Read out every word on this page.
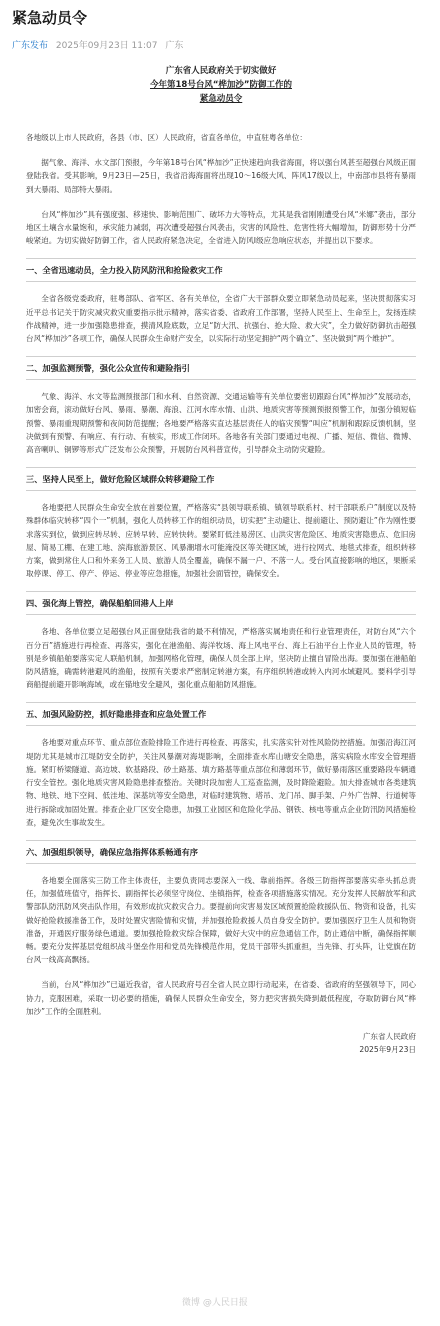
紧急动员令
广东发布 2025年09月23日 11:07 广东
广东省人民政府关于切实做好
今年第18号台风“桦加沙”防御工作的
紧急动员令

各地级以上市人民政府，各县（市、区）人民政府，省直各单位，中直驻粤各单位：

据气象、海洋、水文部门预报，今年第18号台风“桦加沙”正快速趋向我省海面，将以强台风甚至超强台风级正面登陆我省。受其影响，9月23日—25日，我省沿海海面将出现10～16级大风、阵风17级以上，中南部市县将有暴雨到大暴雨、局部特大暴雨。

台风“桦加沙”具有强度强、移速快、影响范围广、破坏力大等特点，尤其是我省刚刚遭受台风“米娜”袭击，部分地区土壤含水量饱和，承灾能力减弱，再次遭受超强台风袭击，灾害的风险性、危害性将大幅增加，防御形势十分严峻紧迫。为切实做好防御工作，省人民政府紧急决定，全省进入防风Ⅰ级应急响应状态，并提出以下要求。

一、全省迅速动员，全力投入防风防汛和抢险救灾工作

全省各级党委政府，驻粤部队、省军区、各有关单位，全省广大干部群众要立即紧急动员起来，坚决贯彻落实习近平总书记关于防灾减灾救灾重要指示批示精神，落实省委、省政府工作部署，坚持人民至上、生命至上，发扬连续作战精神，进一步加强隐患排查，摸清风险底数，立足“防大汛、抗强台、抢大险、救大灾”，全力做好防御抗击超强台风“桦加沙”各项工作，确保人民群众生命财产安全，以实际行动坚定拥护“两个确立”、坚决做到“两个维护”。

二、加强监测预警，强化公众宣传和避险指引

气象、海洋、水文等监测预报部门和水利、自然资源、交通运输等有关单位要密切跟踪台风“桦加沙”发展动态，加密会商，滚动做好台风、暴雨、暴潮、海浪、江河水库水情、山洪、地质灾害等预测预报预警工作，加强分镇短临预警、暴雨重现期预警和夜间防范提醒；各地要严格落实直达基层责任人的临灾预警“叫应”机制和跟踪反馈机制，坚决做到有预警、有响应、有行动、有核实，形成工作闭环。各地各有关部门要通过电视、广播、短信、微信、微博、高音喇叭、铜锣等形式广泛发布公众预警，开展防台风科普宣传，引导群众主动防灾避险。

三、坚持人民至上，做好危险区域群众转移避险工作

各地要把人民群众生命安全放在首要位置，严格落实“县领导联系镇、镇领导联系村、村干部联系户”制度以及特殊群体临灾转移“四个一”机制，强化人员转移工作的组织动员，切实把“主动避让、提前避让、预防避让”作为刚性要求落实到位，做到应转尽转、应转早转、应转快转。要紧盯低洼易涝区、山洪灾害危险区、地质灾害隐患点、危旧房屋、简易工棚、在建工地、滨海旅游景区、风暴潮增水可能淹没区等关键区域，进行拉网式、地毯式排查，组织转移方案，做到常住人口和外来务工人员、旅游人员全覆盖，确保不漏一户、不落一人。受台风直接影响的地区，果断采取停课、停工、停产、停运、停业等应急措施，加强社会面管控，确保安全。

四、强化海上管控，确保船舶回港人上岸

各地、各单位要立足超强台风正面登陆我省的最不利情况，严格落实属地责任和行业管理责任，对防台风“六个百分百”措施进行再检查、再落实，强化在港渔船、海洋牧场、海上风电平台、海上石油平台上作业人员的管理，特别是乡镇船舶要落实定人联船机制，加强网格化管理，确保人员全部上岸，坚决防止擅自冒险出海。要加强在港船舶防风措施，确需转港避风的渔船，按照有关要求严密制定转港方案，有序组织转港或转入内河水域避风。要科学引导商船提前避开影响海域，或在锚地安全避风，强化重点船舶防风措施。

五、加强风险防控，抓好隐患排查和应急处置工作

各地要对重点环节、重点部位查险排险工作进行再检查、再落实，扎实落实针对性风险防控措施。加强沿海江河堤防尤其是城市江堤防安全防护，关注风暴潮对海堤影响，全面排查水库山塘安全隐患，落实病险水库安全管理措施。紧盯桥梁隧道、高边坡、软基路段、砂土路基、填方路基等重点部位和薄弱环节，做好暴雨落区重要路段车辆通行安全管控。强化地质灾害风险隐患排查整治。关键时段加密人工巡查监测，及时降险避险。加大排查城市各类建筑物、地铁、地下空间、低洼地、深基坑等安全隐患，对临时建筑物、塔吊、龙门吊、脚手架、户外广告牌、行道树等进行拆除或加固处置。排查企业厂区安全隐患，加强工业园区和危险化学品、钢铁、核电等重点企业防汛防风措施检查，避免次生事故发生。

六、加强组织领导，确保应急指挥体系畅通有序

各地要全面落实三防工作主体责任，主要负责同志要深入一线、靠前指挥。各级三防指挥部要落实牵头抓总责任，加强值班值守，指挥长、副指挥长必须坚守岗位、坐镇指挥，检查各项措施落实情况。充分发挥人民解放军和武警部队防汛防风突击队作用，有效形成抗灾救灾合力。要提前向灾害易发区域预置抢险救援队伍、物资和设备，扎实做好抢险救援准备工作，及时处置灾害险情和灾情，并加强抢险救援人员自身安全防护。要加强医疗卫生人员和物资准备，开通医疗服务绿色通道。要加强抢险救灾综合保障，做好大灾中的应急通信工作，防止通信中断，确保指挥顺畅。要充分发挥基层党组织战斗堡垒作用和党员先锋模范作用，党员干部带头抓重担，当先锋、打头阵，让党旗在防台风一线高高飘扬。

当前，台风“桦加沙”已逼近我省，省人民政府号召全省人民立即行动起来，在省委、省政府的坚强领导下，同心协力，克服困难，采取一切必要的措施，确保人民群众生命安全，努力把灾害损失降到最低程度，夺取防御台风“桦加沙”工作的全面胜利。

广东省人民政府
2025年9月23日
微博 @人民日报
